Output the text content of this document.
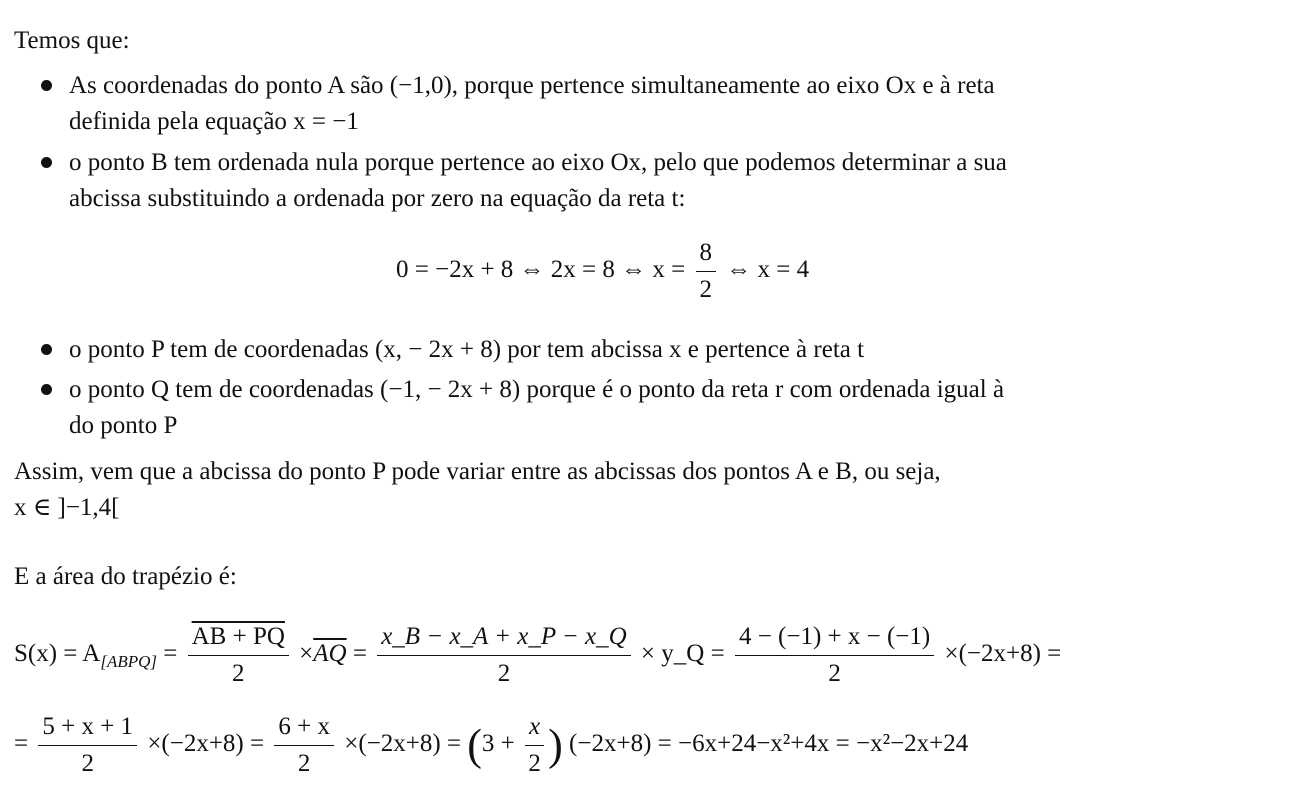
Temos que:
As coordenadas do ponto A são (−1,0), porque pertence simultaneamente ao eixo Ox e à reta
definida pela equação x = −1
o ponto B tem ordenada nula porque pertence ao eixo Ox, pelo que podemos determinar a sua
abcissa substituindo a ordenada por zero na equação da reta t:
0 = −2x + 8 ⇔ 2x = 8 ⇔ $x = \frac{8}{2}$ ⇔ x = 4
o ponto P tem de coordenadas (x, − 2x + 8) por tem abcissa x e pertence à reta t
o ponto Q tem de coordenadas (−1, − 2x + 8) porque é o ponto da reta r com ordenada igual à
do ponto P
Assim, vem que a abcissa do ponto P pode variar entre as abcissas dos pontos A e B, ou seja,
x ∈ ]−1,4[
E a área do trapézio é:
$S(x) = A_{[ABPQ]} = \frac{AB + PQ}{2} \times\overline{AQ} = \frac{x\_B - x\_A + x\_P - x\_Q}{2}$ × y_Q = $\frac{4 - (-1) + x - (-1)}{2} \times(-2x+8)$ =
= $\frac{5 + x + 1}{2} \times(-2x+8) = \frac{6 + x}{2} \times(-2x+8) = (3 + \frac{x}{2}$ ) (−2x+8) = −6x+24−x²+4x = −x²−2x+24
